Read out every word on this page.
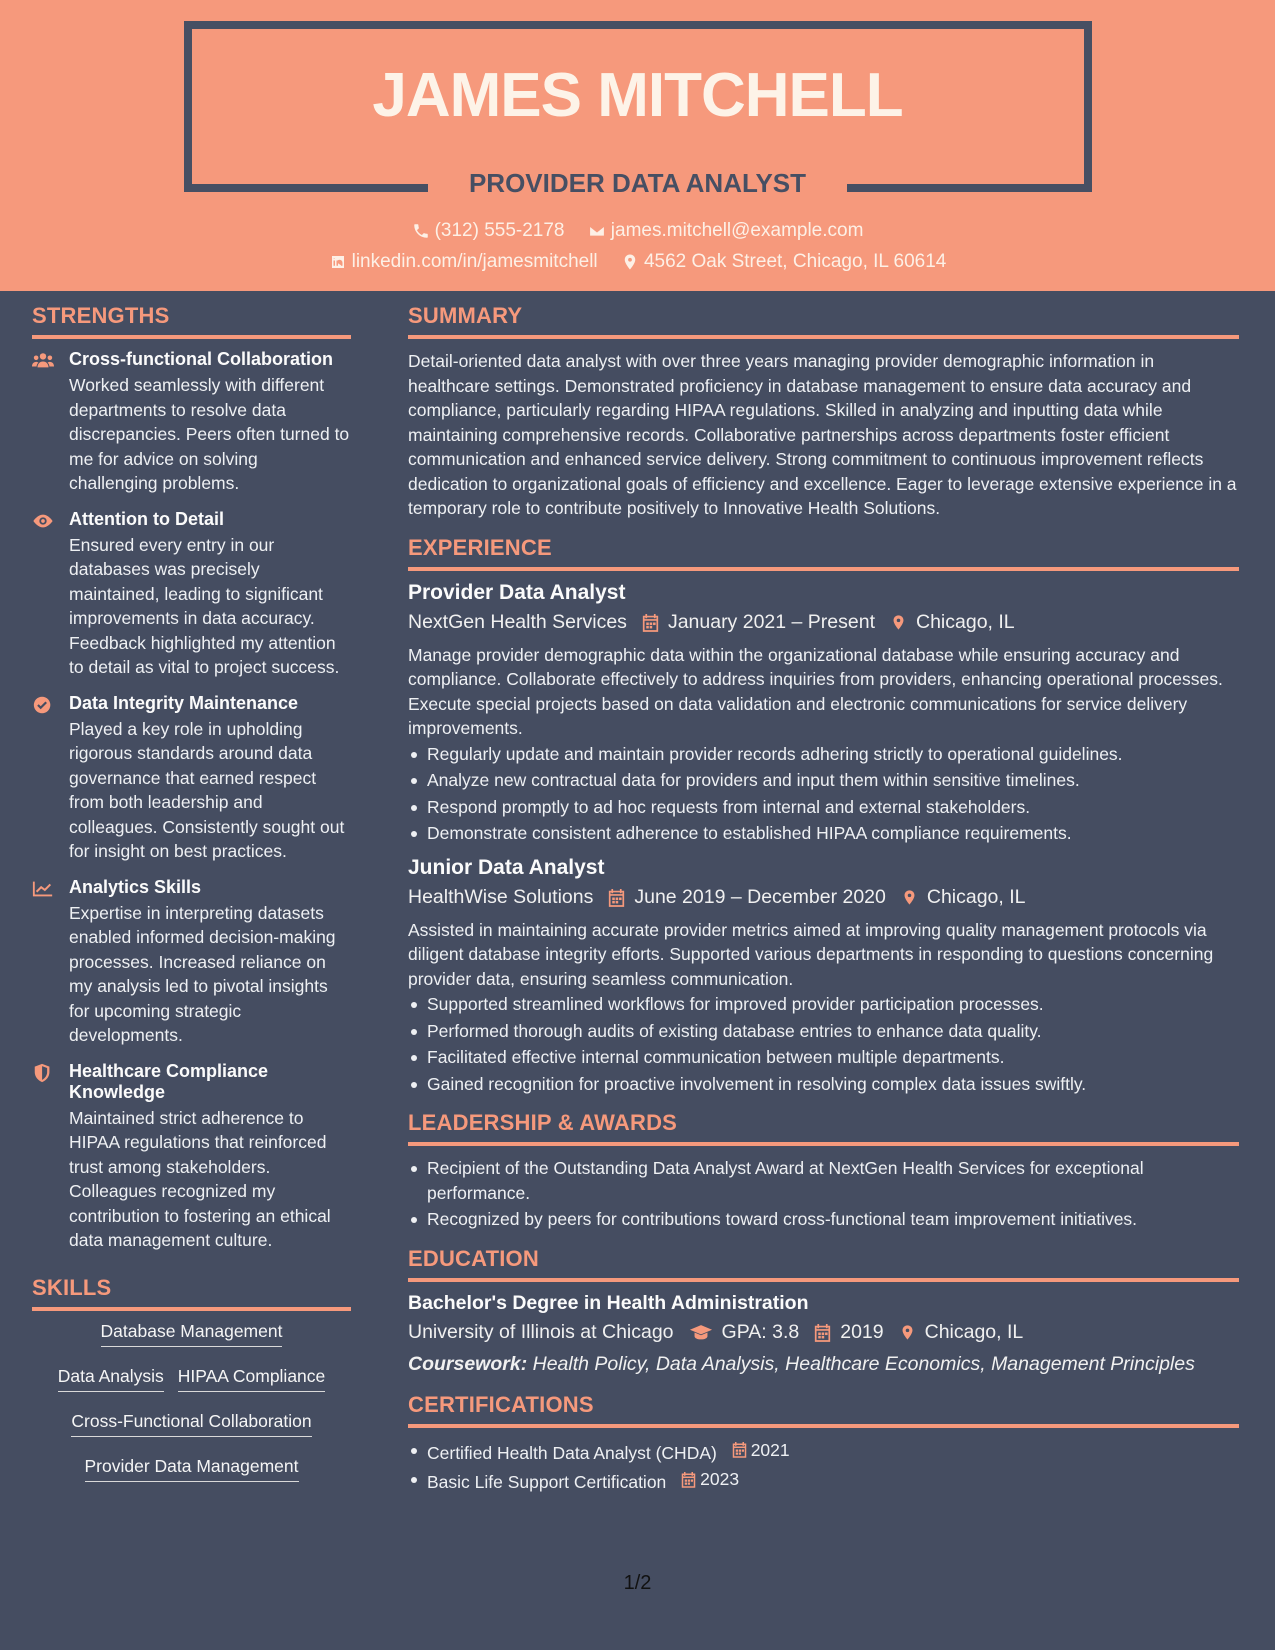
JAMES MITCHELL
PROVIDER DATA ANALYST
(312) 555-2178
james.mitchell@example.com
linkedin.com/in/jamesmitchell
4562 Oak Street, Chicago, IL 60614
STRENGTHS
Cross-functional Collaboration
Worked seamlessly with different departments to resolve data discrepancies. Peers often turned to me for advice on solving challenging problems.
Attention to Detail
Ensured every entry in our databases was precisely maintained, leading to significant improvements in data accuracy. Feedback highlighted my attention to detail as vital to project success.
Data Integrity Maintenance
Played a key role in upholding rigorous standards around data governance that earned respect from both leadership and colleagues. Consistently sought out for insight on best practices.
Analytics Skills
Expertise in interpreting datasets enabled informed decision-making processes. Increased reliance on my analysis led to pivotal insights for upcoming strategic developments.
Healthcare Compliance Knowledge
Maintained strict adherence to HIPAA regulations that reinforced trust among stakeholders. Colleagues recognized my contribution to fostering an ethical data management culture.
SKILLS
Database Management
Data Analysis HIPAA Compliance
Cross-Functional Collaboration
Provider Data Management
SUMMARY
Detail-oriented data analyst with over three years managing provider demographic information in healthcare settings. Demonstrated proficiency in database management to ensure data accuracy and compliance, particularly regarding HIPAA regulations. Skilled in analyzing and inputting data while maintaining comprehensive records. Collaborative partnerships across departments foster efficient communication and enhanced service delivery. Strong commitment to continuous improvement reflects dedication to organizational goals of efficiency and excellence. Eager to leverage extensive experience in a temporary role to contribute positively to Innovative Health Solutions.
EXPERIENCE
Provider Data Analyst
NextGen Health Services January 2021 – Present Chicago, IL
Manage provider demographic data within the organizational database while ensuring accuracy and compliance. Collaborate effectively to address inquiries from providers, enhancing operational processes. Execute special projects based on data validation and electronic communications for service delivery improvements.
Regularly update and maintain provider records adhering strictly to operational guidelines.
Analyze new contractual data for providers and input them within sensitive timelines.
Respond promptly to ad hoc requests from internal and external stakeholders.
Demonstrate consistent adherence to established HIPAA compliance requirements.
Junior Data Analyst
HealthWise Solutions June 2019 – December 2020 Chicago, IL
Assisted in maintaining accurate provider metrics aimed at improving quality management protocols via diligent database integrity efforts. Supported various departments in responding to questions concerning provider data, ensuring seamless communication.
Supported streamlined workflows for improved provider participation processes.
Performed thorough audits of existing database entries to enhance data quality.
Facilitated effective internal communication between multiple departments.
Gained recognition for proactive involvement in resolving complex data issues swiftly.
LEADERSHIP & AWARDS
Recipient of the Outstanding Data Analyst Award at NextGen Health Services for exceptional performance.
Recognized by peers for contributions toward cross-functional team improvement initiatives.
EDUCATION
Bachelor's Degree in Health Administration
University of Illinois at Chicago GPA: 3.8 2019 Chicago, IL
Coursework: Health Policy, Data Analysis, Healthcare Economics, Management Principles
CERTIFICATIONS
Certified Health Data Analyst (CHDA) 2021
Basic Life Support Certification 2023
1/2
